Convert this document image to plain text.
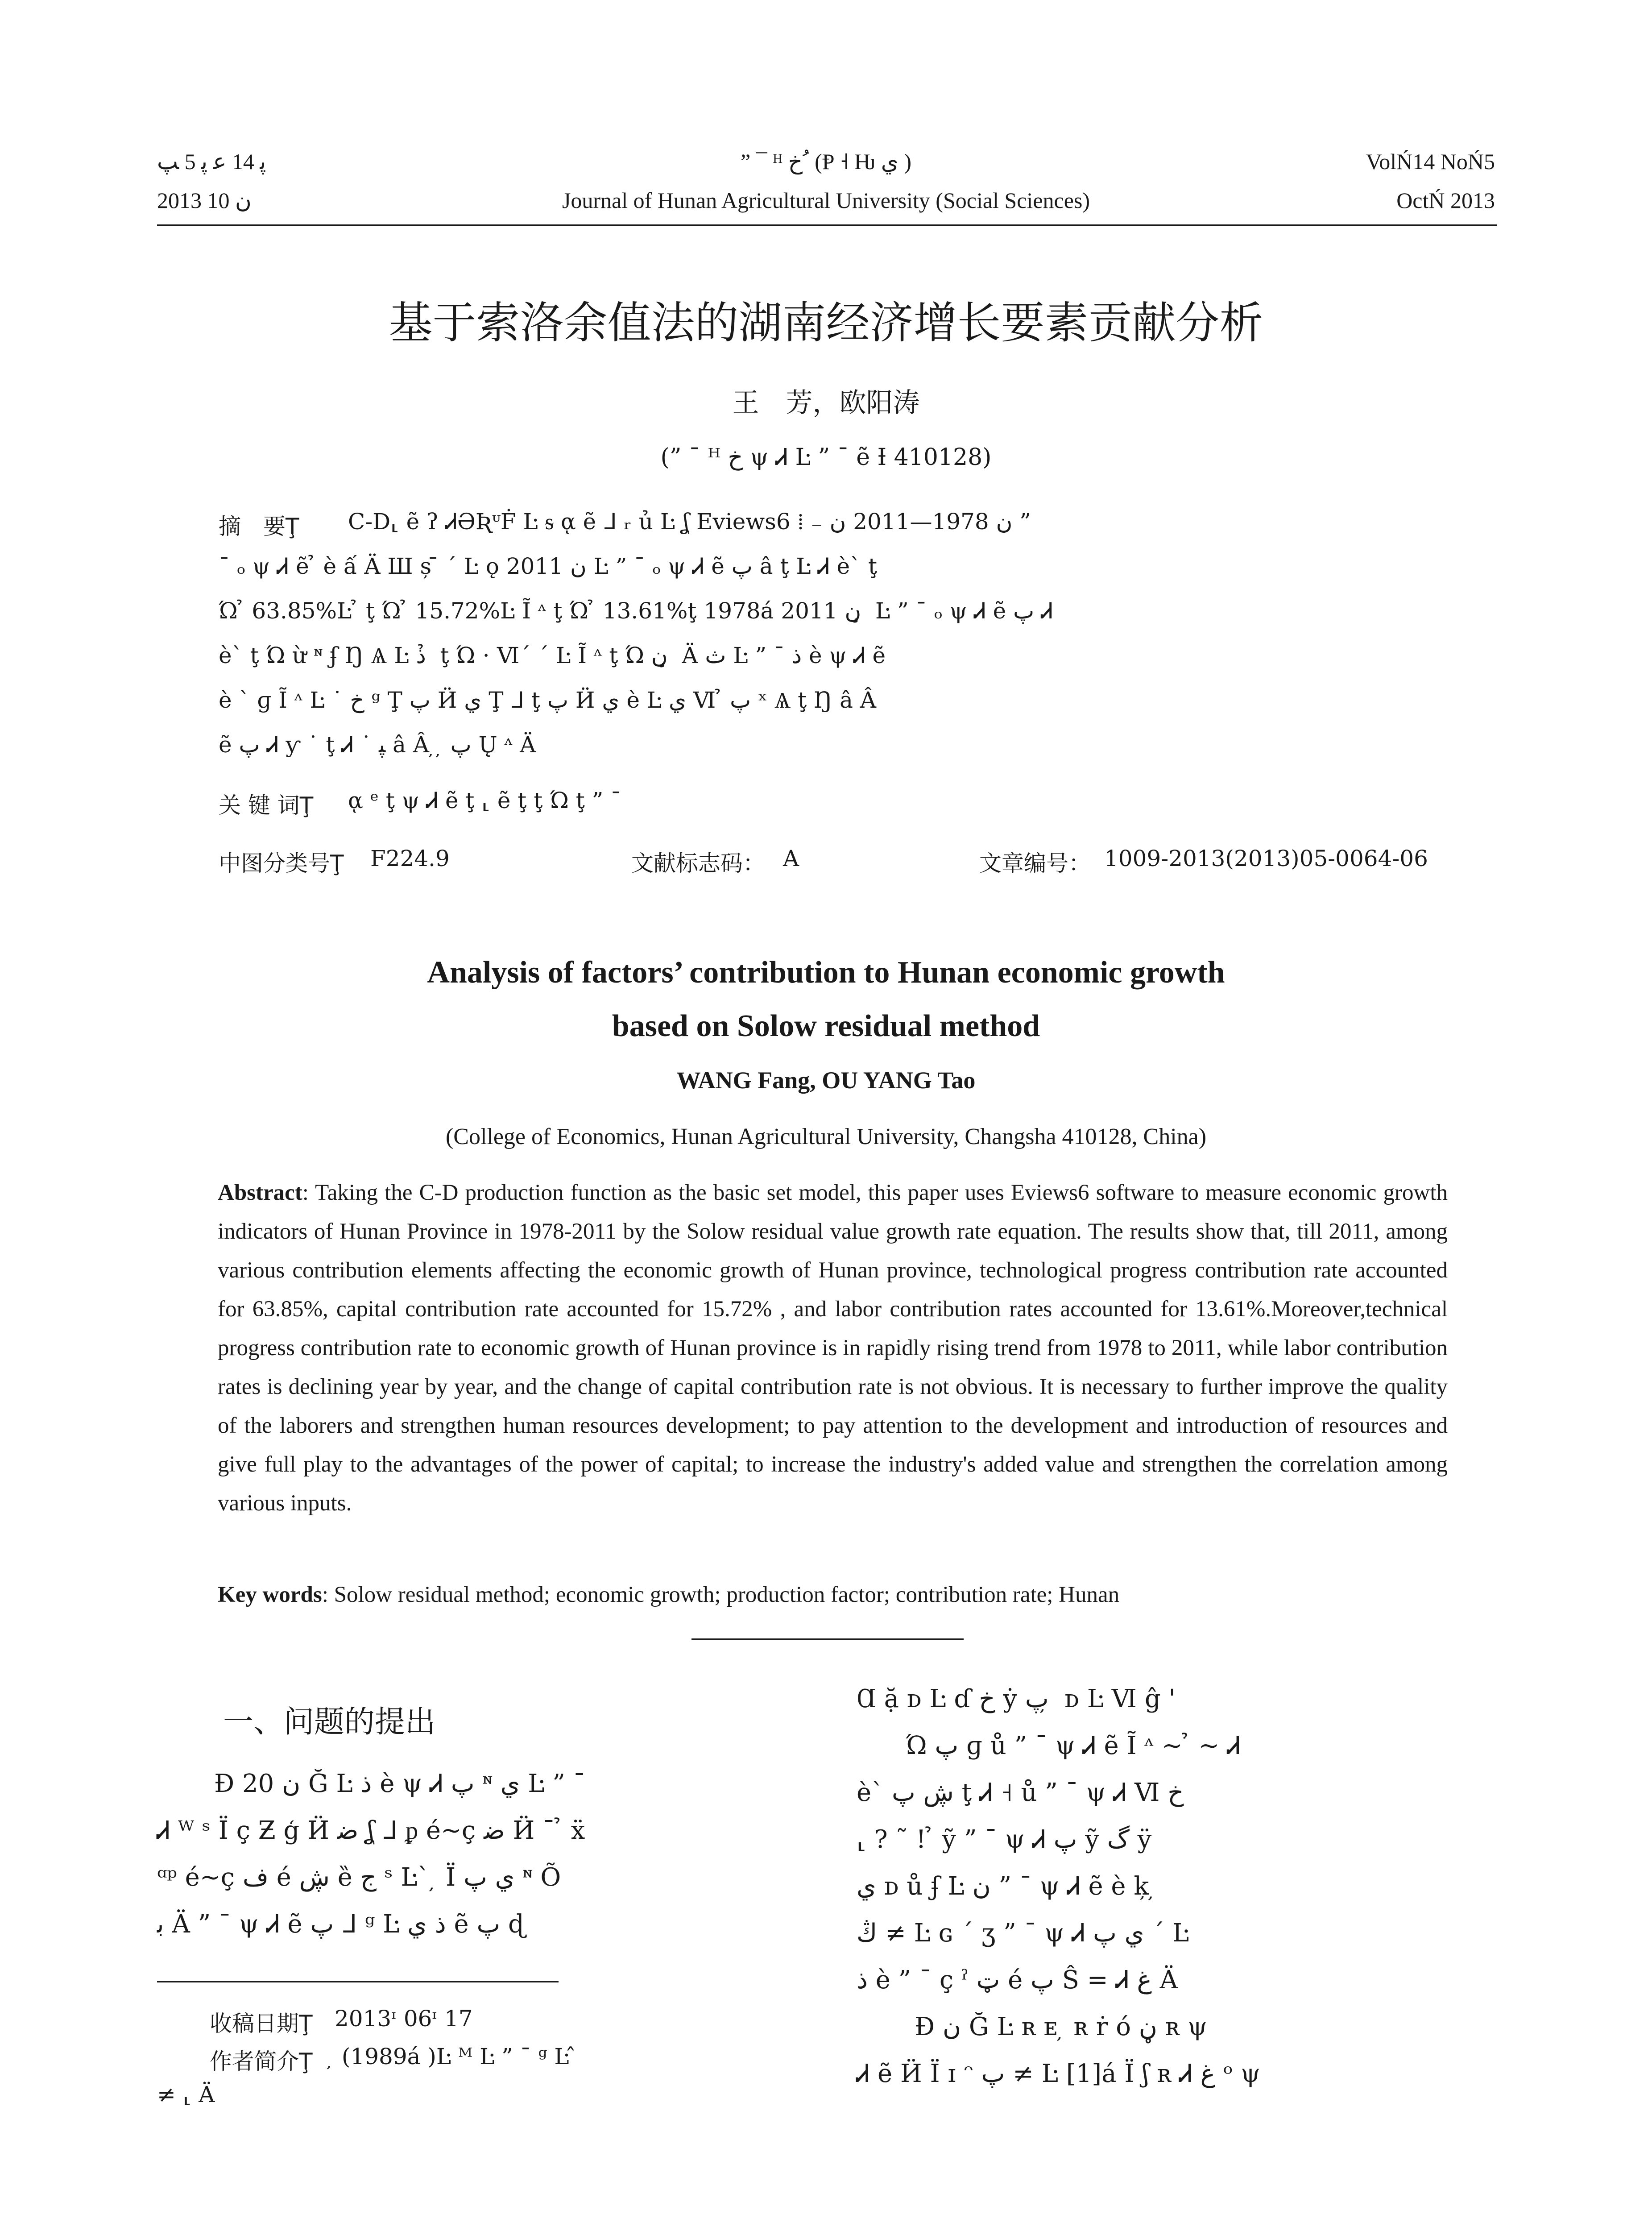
ﭘ 14 ﻋ ﭘ 5 ﭗ
2013 ﻥ 10
” ¯ ᴴ خ ُ (Ᵽ ˧ Ƕ ي )
Journal of Hunan Agricultural University (Social Sciences)
VolŃ14 NoŃ5
OctŃ 2013
基于索洛余值法的湖南经济增长要素贡献分析
王　芳，欧阳涛
(” ¯ ᴴ خ ψ Ꮧ Ŀ ” ¯ ẽ Ɨ 410128)
摘　要Ţ C-D⸤ ẽ ʔ ᏗӘƦᶸḞ Ŀ ᵴ ᾳ ẽ ᒧ ᵣ ủ Ŀ ʆ Eviews6 ⁞ ₋ ن 1978—2011 ﻥ ”
¯ ₒ ψ Ꮧ ẽ ̉ è ấ Ä Ш ș ̄ ˊ Ŀ ǫ 2011 ﻥ Ŀ ” ¯ ₒ ψ Ꮧ ẽ پ â ţ Ŀ Ꮧ è` ţ
Ώ ̉ 63.85%Ŀ ̉ ţ Ώ ̉ 15.72%Ŀ Ĩ ᶺ ţ Ώ ̉ 13.61%ţ 1978á 2011 ﻥ ̧ Ŀ ” ¯ ₒ ψ Ꮧ ẽ پ Ꮧ
è` ţ Ώ ừ ᶰ ʄ Ŋ Ѧ Ŀ ﺫ ̉ ţ Ώ ⋅ Ⅵ´ ´ Ŀ Ĩ ᶺ ţ Ώ ﻥ ̧ Ä ث Ŀ ” ¯ ﺫ è ψ Ꮧ ẽ
è ` ɡ Ĩ ᶺ Ŀ ˙ خ ᵍ Ţ پ Ӥ ي Ţ ᒧ ţ پ Ӥ ي è Ŀ ي Ⅵ ̉ پ ˣ Ѧ ţ Ŋ â Â
ẽ پ Ꮧ ƴ ˙ ţ Ꮧ ˙ ﭙ â Â ̦ ̦ پ Ų ᶺ Ä
关 键 词Ţ ᾳ ᵉ ţ ψ Ꮧ ẽ ţ ⸤ ẽ ţ ţ Ώ ţ ” ¯
中图分类号Ţ F224.9	文献标志码： A	文章编号： 1009-2013(2013)05-0064-06
Analysis of factors’ contribution to Hunan economic growth
based on Solow residual method
WANG Fang, OU YANG Tao
(College of Economics, Hunan Agricultural University, Changsha 410128, China)
Abstract: Taking the C-D production function as the basic set model, this paper uses Eviews6 software to measure economic growth indicators of Hunan Province in 1978-2011 by the Solow residual value growth rate equation. The results show that, till 2011, among various contribution elements affecting the economic growth of Hunan province, technological progress contribution rate accounted for 63.85%, capital contribution rate accounted for 15.72% , and labor contribution rates accounted for 13.61%.Moreover,technical progress contribution rate to economic growth of Hunan province is in rapidly rising trend from 1978 to 2011, while labor contribution rates is declining year by year, and the change of capital contribution rate is not obvious. It is necessary to further improve the quality of the laborers and strengthen human resources development; to pay attention to the development and introduction of resources and give full play to the advantages of the power of capital; to increase the industry's added value and strengthen the correlation among various inputs.
Key words: Solow residual method; economic growth; production factor; contribution rate; Hunan
一、问题的提出
Ɖ 20 ﻥ Ğ Ŀ ﺫ è ψ Ꮧ پ ᶰ ي Ŀ ” ¯
Ꮧ ᵂ ˢ Ï ç Ƶ ģ Ӥ ﺿ ʆ ᒧ ᵱ é~ç ﺿ Ӥ ¯ ̉ ẍ
ᵅᵖ é~ç ف é ڜ ȅ ج ˢ Ŀ` ̦ Ï ي پ ᶰ Õ
ﺑ Ä ” ¯ ψ Ꮧ ẽ پ ᒧ ᵍ Ŀ ﺫ ي ẽ پ ɖ
收稿日期Ţ 2013ᶦ 06ᶦ 17
作者简介Ţ ̦ (1989á )Ŀ ᴹ Ŀ ” ¯ ᵍ Ŀ ̂
≠ ⸤ Ä
Ɑ ặ ᴅ Ŀ ɗ خ ẏ پ ̦ ᴅ Ŀ Ⅵ ĝ '
Ώ پ ɡ ů ” ¯ ψ Ꮧ ẽ Ĩ ᶺ ~ ̉ ~ Ꮧ
è` ڜ پ ţ Ꮧ ˧ ů ” ¯ ψ Ꮧ Ⅵ خ
⸤ ? ˜ ! ̉ ỹ ” ¯ ψ Ꮧ پ ỹ گ ÿ
ي ᴅ ů ʄ Ŀ ﻥ ” ¯ ψ Ꮧ ẽ è ķ ̦
ڭ ≠ Ŀ ɢ ˊ ʒ ” ¯ ψ Ꮧ ي پ ˊ Ŀ
ﺫ è ” ¯ ç ˀ ټ é پ Ŝ = Ꮧ ﻍ Ä
Ɖ ﻥ Ğ Ŀ ʀ ᴇ ̦ ʀ ṙ ó ڼ ʀ ψ
Ꮧ ẽ Ӥ Ï ɪ ᵔ پ ≠ Ŀ [1]á Ï ʃ ʀ Ꮧ ﻍ ᵒ ψ
